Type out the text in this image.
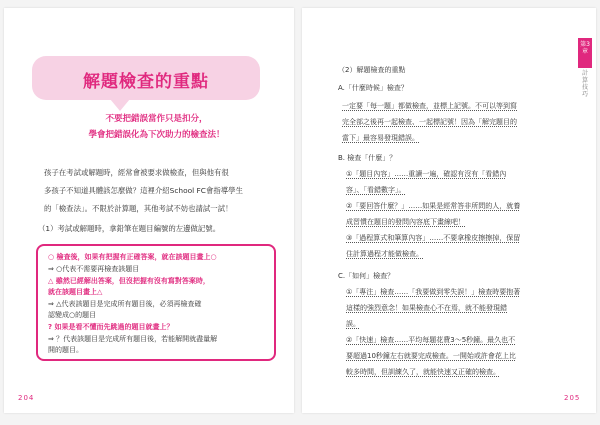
解題檢查的重點
不要把錯誤當作只是扣分，
學會把錯誤化為下次助力的檢查法！
孩子在考試或解題時，經常會被要求做檢查，但與他有很
多孩子不知道具體該怎麼做？這裡介紹School FC會指導學生
的「檢查法」。不限於計算題，其他考試不妨也請試一試！
（1）考試或解題時，拿鉛筆在題目編號的左邊做記號。
○ 檢查後，如果有把握有正確答案，就在該題目畫上○
⇒ ○代表不需要再檢查該題目
△ 雖然已經解出答案，但沒把握有沒有寫對答案時，
就在該題目畫上△
⇒ △代表該題目是完成所有題目後，必須再檢查確
認變成○的題目
? 如果是看不懂而先跳過的題目就畫上？
⇒ ？代表該題目是完成所有題目後，若能解開就盡量解
開的題目。
204
第3章
計算技巧
（2）解題檢查的重點
A.「什麼時候」檢查？
一定要「每一題」都做檢查，並標上記號。不可以等到寫
完全部之後再一起檢查、一起標記號！因為「解完題目的
當下」最容易發現錯誤。
B. 檢查「什麼」？
①「題目內容」……重讀一遍，確認有沒有「看錯內
容」、「看錯數字」。
②「要回答什麼？」……如果是經常答非所問的人，就養
成習慣在題目的發問內容底下畫線吧！
③「過程算式和筆算內容」……不要拿橡皮擦擦掉，保留
住計算過程才能做檢查。
C.「如何」檢查？
①「專注」檢查……「我要做到零失誤！」檢查時要抱著
這樣的強烈意念！如果檢查心不在焉，就不能發現錯
誤。
②「快速」檢查……平均每題花費3～5秒鐘。最久也不
要超過10秒鐘左右就要完成檢查。一開始或許會花上比
較多時間，但訓練久了，就能快速又正確的檢查。
205
